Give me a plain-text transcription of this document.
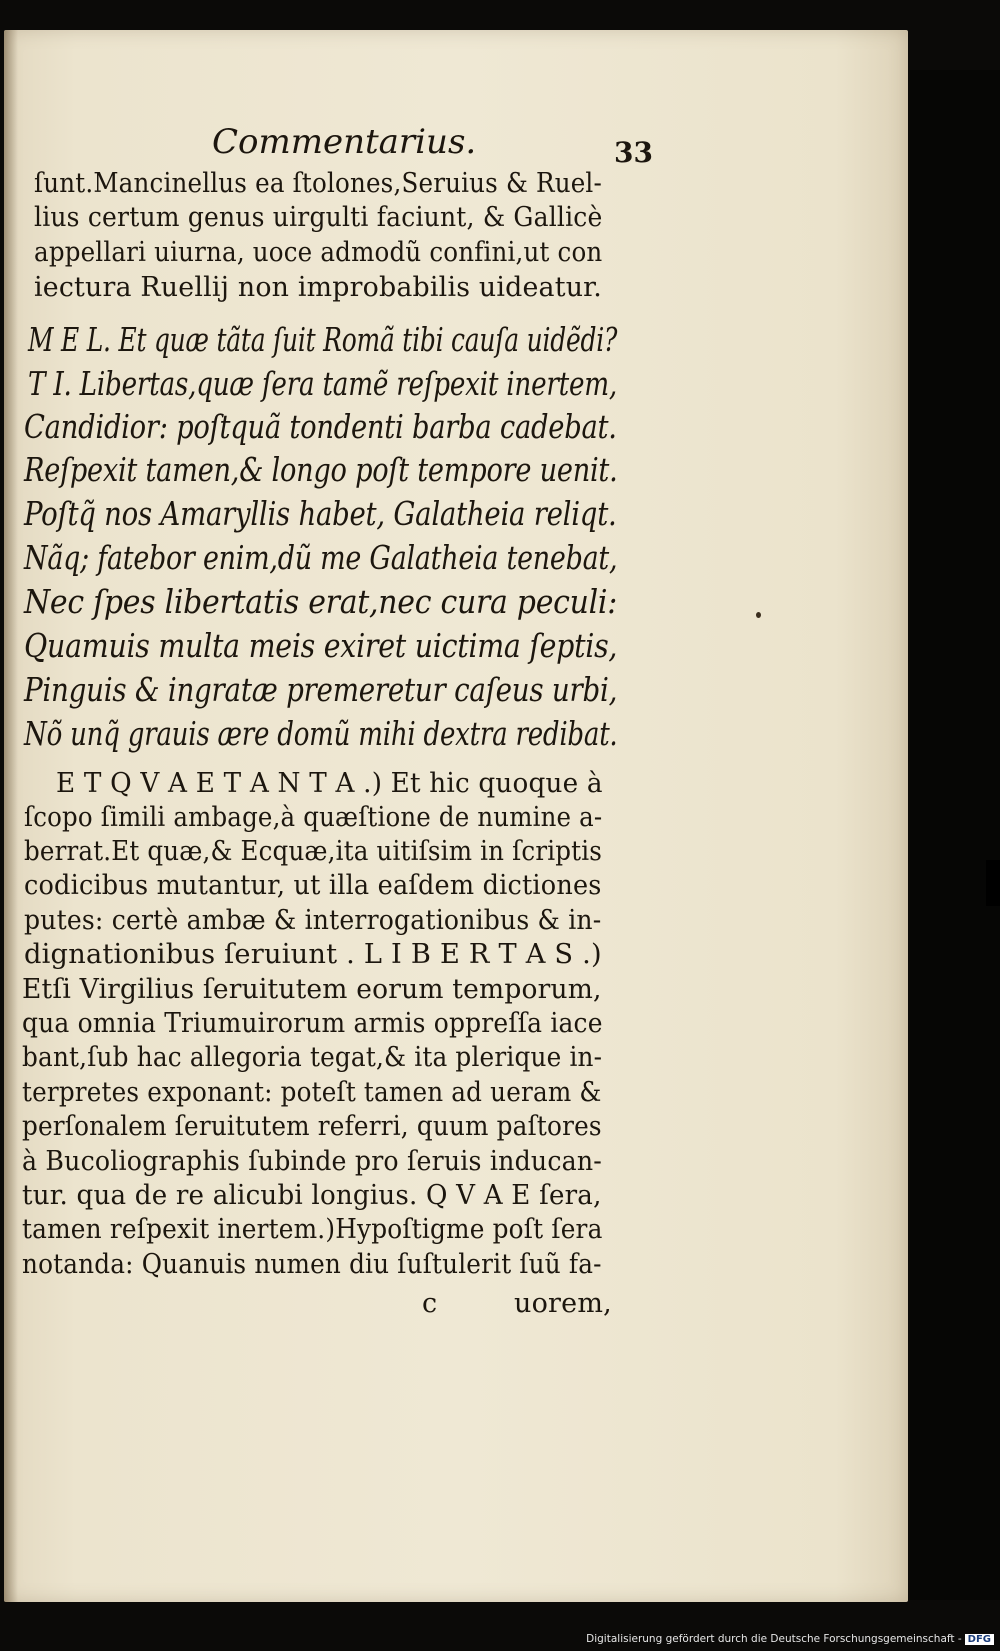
Commentarius.	33
ſunt.Mancinellus ea ſtolones,Seruius & Ruel-
lius certum genus uirgulti faciunt, & Gallicè
appellari uiurna, uoce admodũ confini,ut con
iectura Ruellij non improbabilis uideatur.
M E L. Et quæ tãta ſuit Romã tibi cauſa uidẽdi?
T I. Libertas,quæ ſera tamẽ reſpexit inertem,
Candidior: poſtquã tondenti barba cadebat.
Reſpexit tamen,& longo poſt tempore uenit.
Poſtq̃ nos Amaryllis habet, Galatheia reliqt.
Nãq; fatebor enim,dũ me Galatheia tenebat,
Nec ſpes libertatis erat,nec cura peculi:
Quamuis multa meis exiret uictima ſeptis,
Pinguis & ingratæ premeretur caſeus urbi,
Nõ unq̃ grauis ære domũ mihi dextra redibat.
E T Q V A E T A N T A .) Et hic quoque à
ſcopo ſimili ambage,à quæſtione de numine a-
berrat.Et quæ,& Ecquæ,ita uitiſsim in ſcriptis
codicibus mutantur, ut illa eaſdem dictiones
putes: certè ambæ & interrogationibus & in-
dignationibus ſeruiunt . L I B E R T A S .)
Etſi Virgilius ſeruitutem eorum temporum,
qua omnia Triumuirorum armis oppreſſa iace
bant,ſub hac allegoria tegat,& ita plerique in-
terpretes exponant: poteſt tamen ad ueram &
perſonalem ſeruitutem referri, quum paſtores
à Bucoliographis ſubinde pro ſeruis inducan-
tur. qua de re alicubi longius. Q V A E ſera,
tamen reſpexit inertem.)Hypoſtigme poſt ſera
notanda: Quanuis numen diu ſuſtulerit ſuũ fa-
c	uorem,
Digitalisierung gefördert durch die Deutsche Forschungsgemeinschaft - DFG
